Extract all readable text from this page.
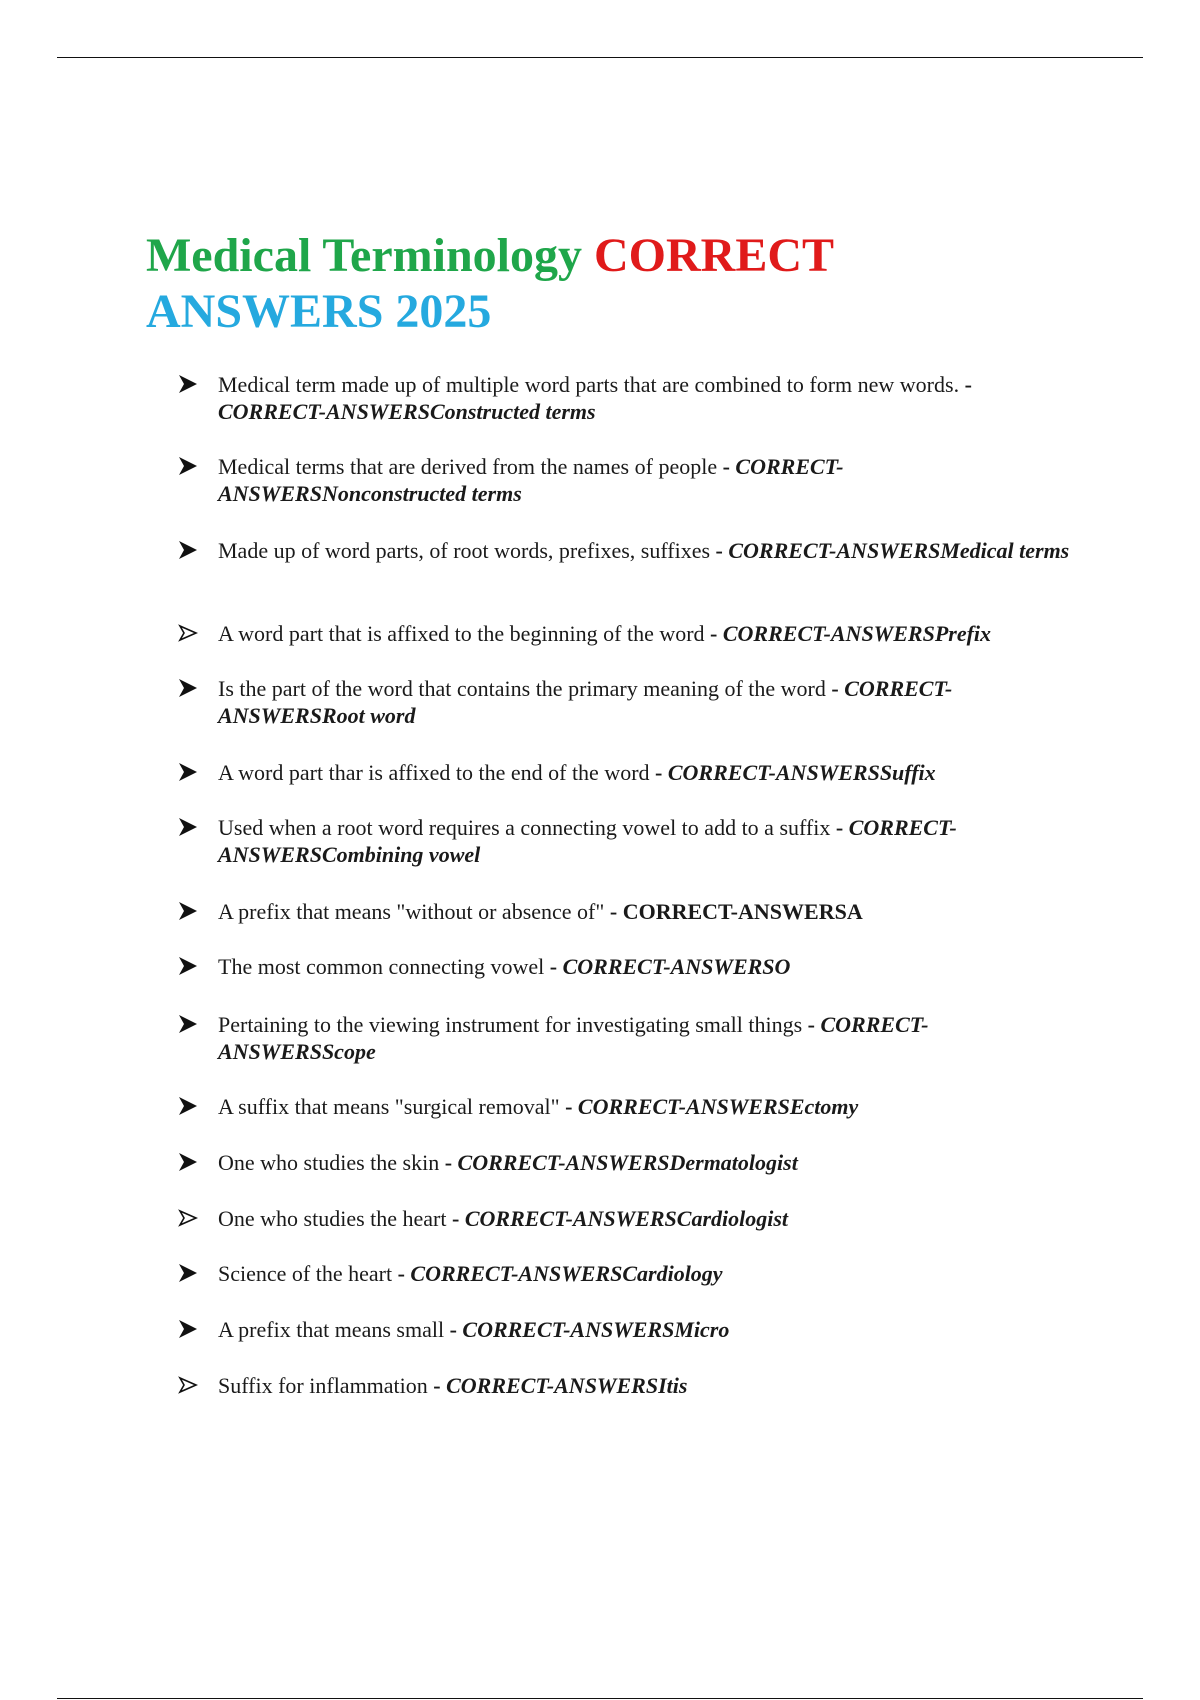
Medical Terminology CORRECT ANSWERS 2025
Medical term made up of multiple word parts that are combined to form new words. - CORRECT-ANSWERSConstructed terms
Medical terms that are derived from the names of people - CORRECT-ANSWERSNonconstructed terms
Made up of word parts, of root words, prefixes, suffixes - CORRECT-ANSWERSMedical terms
A word part that is affixed to the beginning of the word - CORRECT-ANSWERSPrefix
Is the part of the word that contains the primary meaning of the word - CORRECT-ANSWERSRoot word
A word part thar is affixed to the end of the word - CORRECT-ANSWERSSuffix
Used when a root word requires a connecting vowel to add to a suffix - CORRECT-ANSWERSCombining vowel
A prefix that means "without or absence of" - CORRECT-ANSWERSA
The most common connecting vowel - CORRECT-ANSWERSO
Pertaining to the viewing instrument for investigating small things - CORRECT-ANSWERSScope
A suffix that means "surgical removal" - CORRECT-ANSWERSEctomy
One who studies the skin - CORRECT-ANSWERSDermatologist
One who studies the heart - CORRECT-ANSWERSCardiologist
Science of the heart - CORRECT-ANSWERSCardiology
A prefix that means small - CORRECT-ANSWERSMicro
Suffix for inflammation - CORRECT-ANSWERSItis
